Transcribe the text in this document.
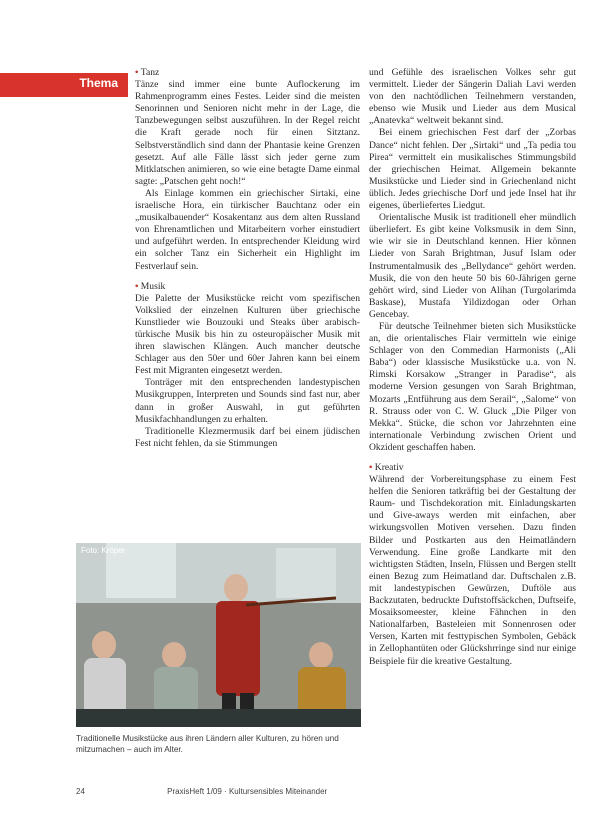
Thema
• Tanz

Tänze sind immer eine bunte Auflockerung im Rahmenprogramm eines Festes. Leider sind die meisten Senorinnen und Senioren nicht mehr in der Lage, die Tanzbewegungen selbst auszuführen. In der Regel reicht die Kraft gerade noch für einen Sitztanz. Selbstverständlich sind dann der Phantasie keine Grenzen gesetzt. Auf alle Fälle lässt sich jeder gerne zum Mitklatschen animieren, so wie eine betagte Dame einmal sagte: „Patschen geht noch!“

Als Einlage kommen ein griechischer Sirtaki, eine israelische Hora, ein türkischer Bauchtanz oder ein „musikalbauender“ Kosakentanz aus dem alten Russland von Ehrenamtlichen und Mitarbeitern vorher einstudiert und aufgeführt werden. In entsprechender Kleidung wird ein solcher Tanz ein Sicherheit ein Highlight im Festverlauf sein.

• Musik

Die Palette der Musikstücke reicht vom spezifischen Volkslied der einzelnen Kulturen über griechische Kunstlieder wie Bouzouki und Steaks über arabisch-türkische Musik bis hin zu osteuropäischer Musik mit ihren slawischen Klängen. Auch mancher deutsche Schlager aus den 50er und 60er Jahren kann bei einem Fest mit Migranten eingesetzt werden.

Tonträger mit den entsprechenden landestypischen Musikgruppen, Interpreten und Sounds sind fast nur, aber dann in großer Auswahl, in gut geführten Musikfachhandlungen zu erhalten.

Traditionelle Klezmermusik darf bei einem jüdischen Fest nicht fehlen, da sie Stimmungen

und Gefühle des israelischen Volkes sehr gut vermittelt. Lieder der Sängerin Daliah Lavi werden von den nachtödlichen Teilnehmern verstanden, ebenso wie Musik und Lieder aus dem Musical „Anatevka“ weltweit bekannt sind.

Bei einem griechischen Fest darf der „Zorbas Dance“ nicht fehlen. Der „Sirtaki“ und „Ta pedia tou Pirea“ vermittelt ein musikalisches Stimmungsbild der griechischen Heimat. Allgemein bekannte Musikstücke und Lieder sind in Griechenland nicht üblich. Jedes griechische Dorf und jede Insel hat ihr eigenes, überliefertes Liedgut.

Orientalische Musik ist traditionell eher mündlich überliefert. Es gibt keine Volksmusik in dem Sinn, wie wir sie in Deutschland kennen. Hier können Lieder von Sarah Brightman, Jusuf Islam oder Instrumentalmusik des „Bellydance“ gehört werden. Musik, die von den heute 50 bis 60-Jährigen gerne gehört wird, sind Lieder von Alihan (Turgolarimda Baskase), Mustafa Yildizdogan oder Orhan Gencebay.

Für deutsche Teilnehmer bieten sich Musikstücke an, die orientalisches Flair vermitteln wie einige Schlager von den Commedian Harmonists („Ali Baba“) oder klassische Musikstücke u.a. von N. Rimski Korsakow „Stranger in Paradise“, als moderne Version gesungen von Sarah Brightman, Mozarts „Entführung aus dem Serail“, „Salome“ von R. Strauss oder von C. W. Gluck „Die Pilger von Mekka“. Stücke, die schon vor Jahrzehnten eine internationale Verbindung zwischen Orient und Okzident geschaffen haben.

• Kreativ

Während der Vorbereitungsphase zu einem Fest helfen die Senioren tatkräftig bei der Gestaltung der Raum- und Tischdekoration mit. Einladungskarten und Give-aways werden mit einfachen, aber wirkungsvollen Motiven versehen. Dazu finden Bilder und Postkarten aus den Heimatländern Verwendung. Eine große Landkarte mit den wichtigsten Städten, Inseln, Flüssen und Bergen stellt einen Bezug zum Heimatland dar. Duftschalen z.B. mit landestypischen Gewürzen, Duftöle aus Backzutaten, bedruckte Duftstoffsäckchen, Duftseife, Mosaiksomeester, kleine Fähnchen in den Nationalfarben, Basteleien mit Sonnenrosen oder Versen, Karten mit festtypischen Symbolen, Gebäck in Zellophantüten oder Glückshrringe sind nur einige Beispiele für die kreative Gestaltung.

Foto: Kröper
Traditionelle Musikstücke aus ihren Ländern aller Kulturen, zu hören und mitzumachen – auch im Alter.
24	PraxisHeft 1/09 · Kultursensibles Miteinander
